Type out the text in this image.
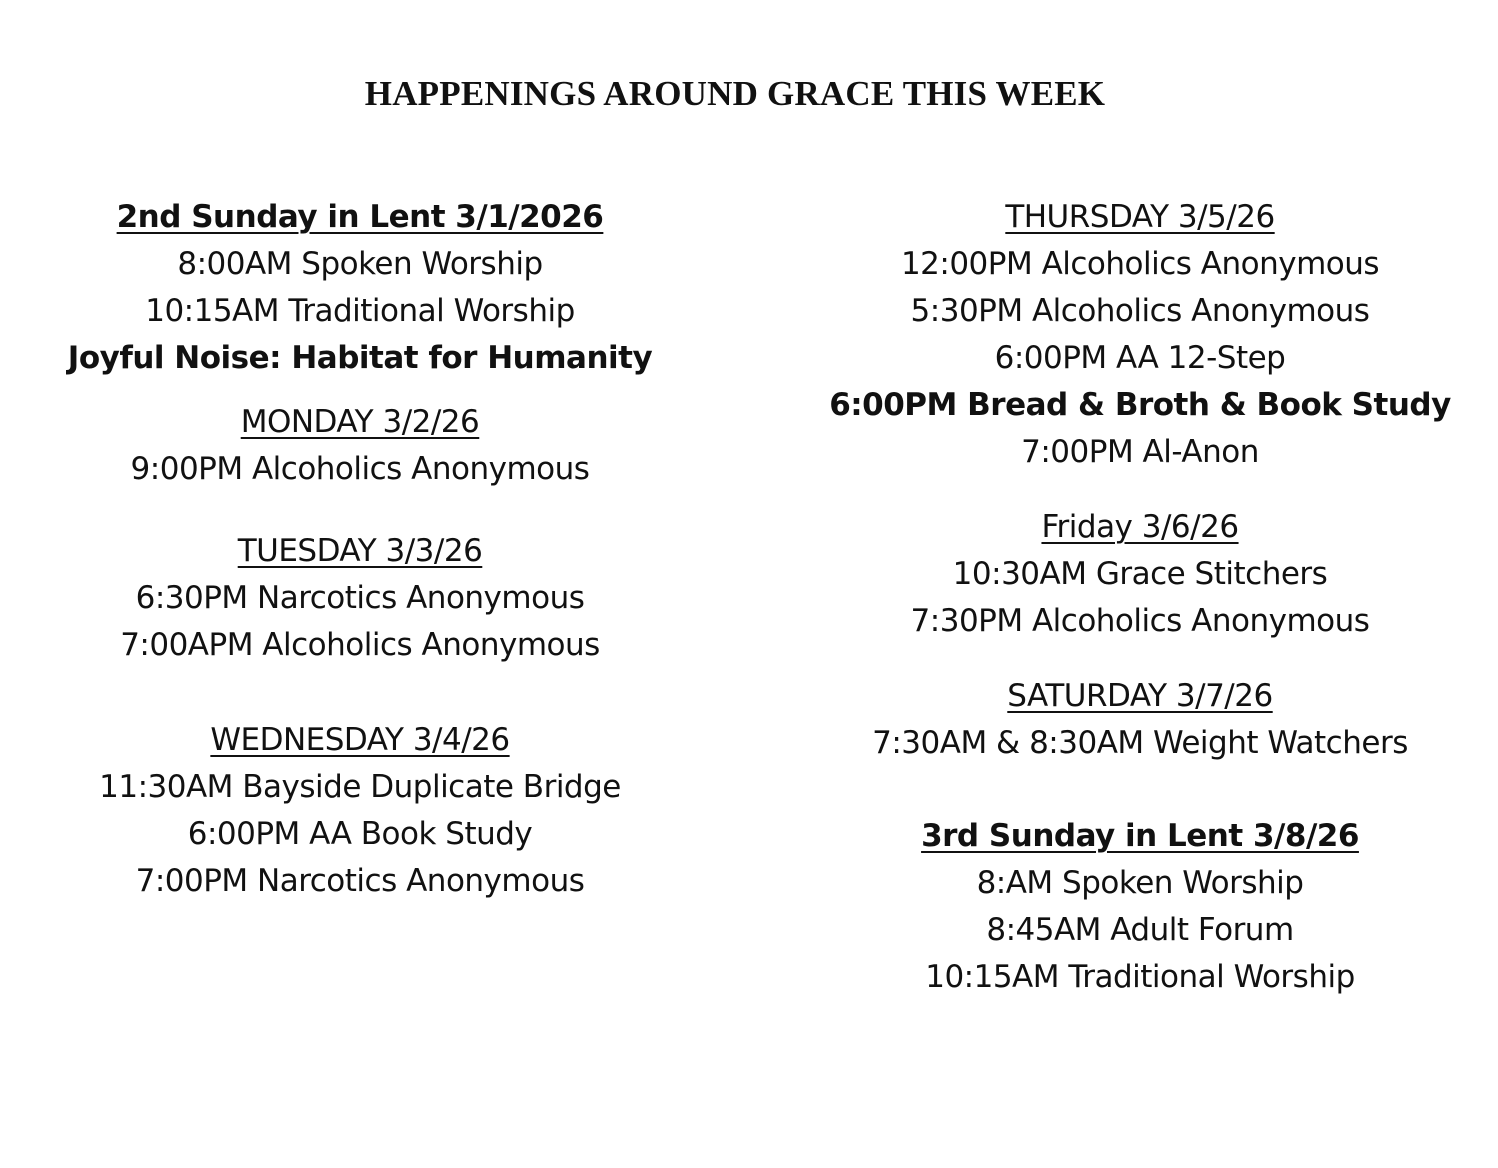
HAPPENINGS AROUND GRACE THIS WEEK
2nd Sunday in Lent 3/1/2026
8:00AM Spoken Worship
10:15AM Traditional Worship
Joyful Noise: Habitat for Humanity
MONDAY 3/2/26
9:00PM Alcoholics Anonymous
TUESDAY 3/3/26
6:30PM Narcotics Anonymous
7:00APM Alcoholics Anonymous
WEDNESDAY 3/4/26
11:30AM Bayside Duplicate Bridge
6:00PM AA Book Study
7:00PM Narcotics Anonymous
THURSDAY 3/5/26
12:00PM Alcoholics Anonymous
5:30PM Alcoholics Anonymous
6:00PM AA 12-Step
6:00PM Bread & Broth & Book Study
7:00PM Al-Anon
Friday 3/6/26
10:30AM Grace Stitchers
7:30PM Alcoholics Anonymous
SATURDAY 3/7/26
7:30AM & 8:30AM Weight Watchers
3rd Sunday in Lent 3/8/26
8:AM Spoken Worship
8:45AM Adult Forum
10:15AM Traditional Worship
